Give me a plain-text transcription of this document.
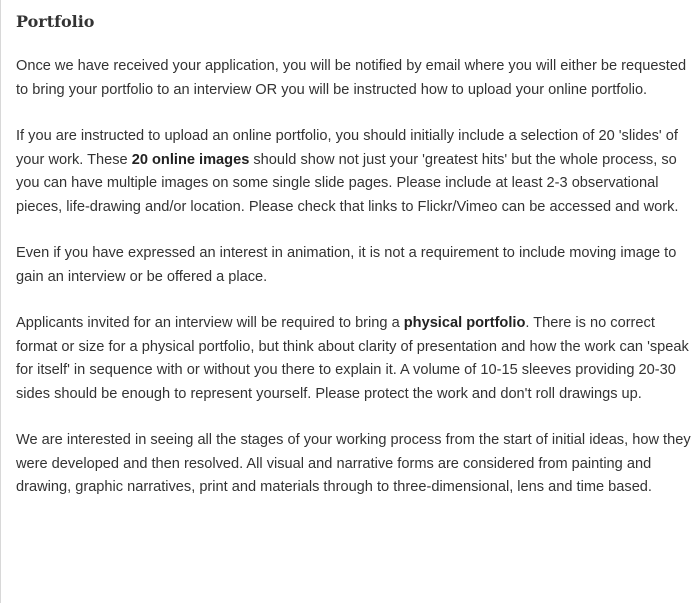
Portfolio

Once we have received your application, you will be notified by email where you will either be requested to bring your portfolio to an interview OR you will be instructed how to upload your online portfolio.

If you are instructed to upload an online portfolio, you should initially include a selection of 20 'slides' of your work. These 20 online images should show not just your 'greatest hits' but the whole process, so you can have multiple images on some single slide pages. Please include at least 2-3 observational pieces, life-drawing and/or location. Please check that links to Flickr/Vimeo can be accessed and work.

Even if you have expressed an interest in animation, it is not a requirement to include moving image to gain an interview or be offered a place.

Applicants invited for an interview will be required to bring a physical portfolio. There is no correct format or size for a physical portfolio, but think about clarity of presentation and how the work can 'speak for itself' in sequence with or without you there to explain it. A volume of 10-15 sleeves providing 20-30 sides should be enough to represent yourself. Please protect the work and don't roll drawings up.

We are interested in seeing all the stages of your working process from the start of initial ideas, how they were developed and then resolved. All visual and narrative forms are considered from painting and drawing, graphic narratives, print and materials through to three-dimensional, lens and time based.
